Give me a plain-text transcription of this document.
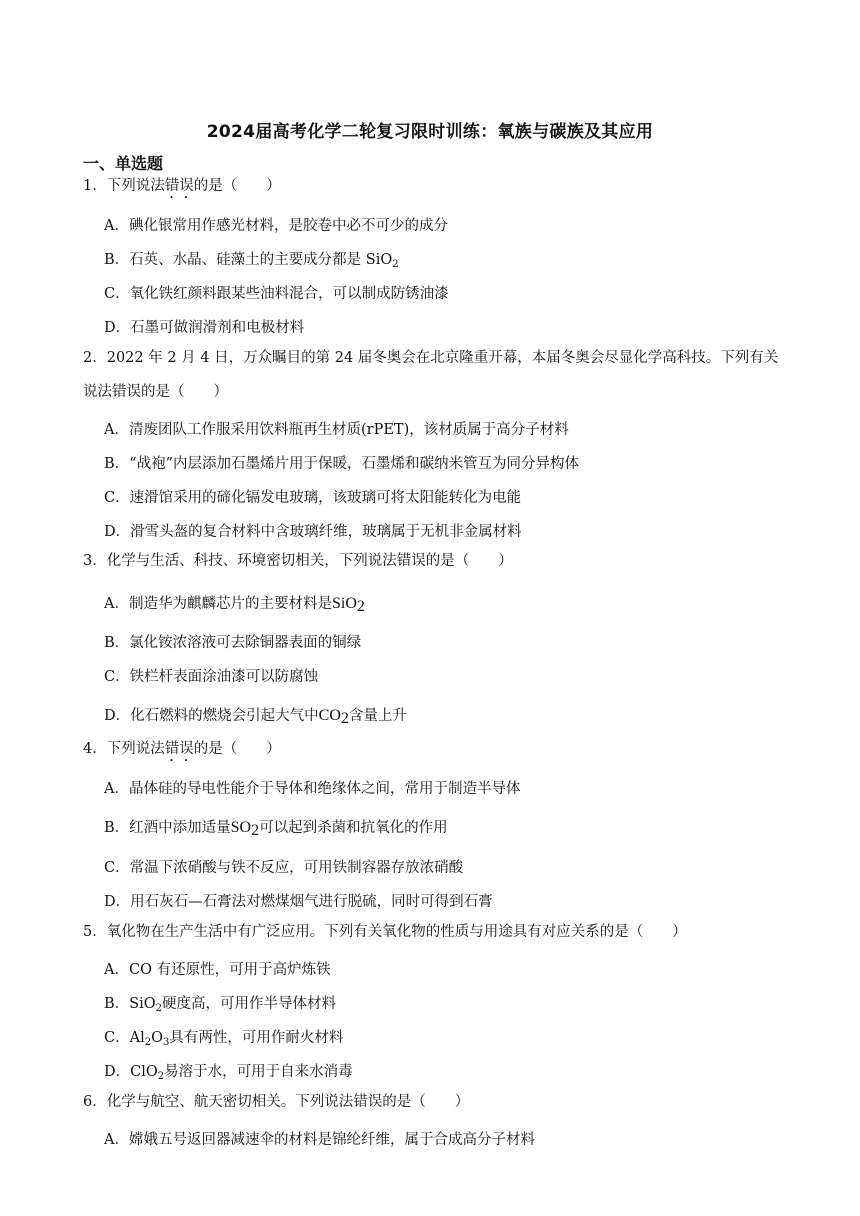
2024届高考化学二轮复习限时训练：氧族与碳族及其应用
一、单选题
1．下列说法错误的是（　　）
A．碘化银常用作感光材料，是胶卷中必不可少的成分
B．石英、水晶、硅藻土的主要成分都是 SiO$_2$
C．氧化铁红颜料跟某些油料混合，可以制成防锈油漆
D．石墨可做润滑剂和电极材料
2．2022 年 2 月 4 日，万众瞩目的第 24 届冬奥会在北京隆重开幕，本届冬奥会尽显化学高科技。下列有关
说法错误的是（　　）
A．清废团队工作服采用饮料瓶再生材质(rPET)，该材质属于高分子材料
B．“战袍”内层添加石墨烯片用于保暖，石墨烯和碳纳米管互为同分异构体
C．速滑馆采用的碲化镉发电玻璃，该玻璃可将太阳能转化为电能
D．滑雪头盔的复合材料中含玻璃纤维，玻璃属于无机非金属材料
3．化学与生活、科技、环境密切相关，下列说法错误的是（　　）
A．制造华为麒麟芯片的主要材料是SiO$_2$
B．氯化铵浓溶液可去除铜器表面的铜绿
C．铁栏杆表面涂油漆可以防腐蚀
D．化石燃料的燃烧会引起大气中$CO_2$含量上升
4．下列说法错误的是（　　）
A．晶体硅的导电性能介于导体和绝缘体之间，常用于制造半导体
B．红酒中添加适量$SO_2$可以起到杀菌和抗氧化的作用
C．常温下浓硝酸与铁不反应，可用铁制容器存放浓硝酸
D．用石灰石—石膏法对燃煤烟气进行脱硫，同时可得到石膏
5．氧化物在生产生活中有广泛应用。下列有关氧化物的性质与用途具有对应关系的是（　　）
A．CO 有还原性，可用于高炉炼铁
B．SiO$_2$硬度高，可用作半导体材料
C．$Al_2O_3$具有两性，可用作耐火材料
D．ClO$_2$易溶于水，可用于自来水消毒
6．化学与航空、航天密切相关。下列说法错误的是（　　）
A．嫦娥五号返回器减速伞的材料是锦纶纤维，属于合成高分子材料
